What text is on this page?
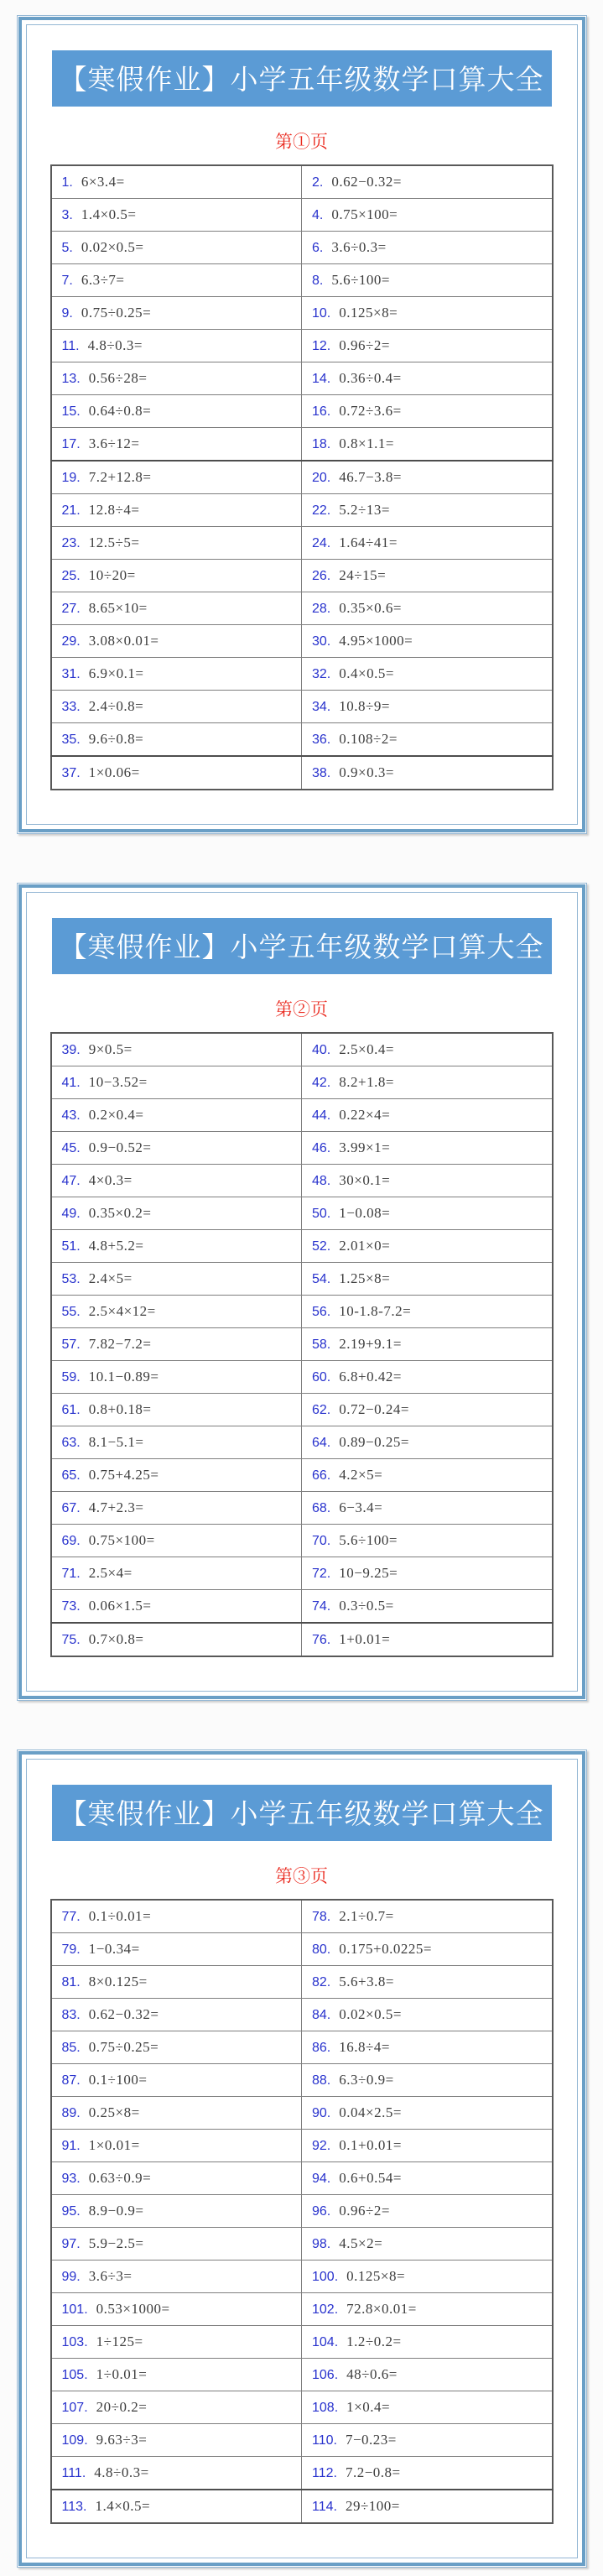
【寒假作业】小学五年级数学口算大全
第①页
1. 6×3.4=	2. 0.62−0.32=
3. 1.4×0.5=	4. 0.75×100=
5. 0.02×0.5=	6. 3.6÷0.3=
7. 6.3÷7=	8. 5.6÷100=
9. 0.75÷0.25=	10. 0.125×8=
11. 4.8÷0.3=	12. 0.96÷2=
13. 0.56÷28=	14. 0.36÷0.4=
15. 0.64÷0.8=	16. 0.72÷3.6=
17. 3.6÷12=	18. 0.8×1.1=
19. 7.2+12.8=	20. 46.7−3.8=
21. 12.8÷4=	22. 5.2÷13=
23. 12.5÷5=	24. 1.64÷41=
25. 10÷20=	26. 24÷15=
27. 8.65×10=	28. 0.35×0.6=
29. 3.08×0.01=	30. 4.95×1000=
31. 6.9×0.1=	32. 0.4×0.5=
33. 2.4÷0.8=	34. 10.8÷9=
35. 9.6÷0.8=	36. 0.108÷2=
37. 1×0.06=	38. 0.9×0.3=
【寒假作业】小学五年级数学口算大全
第②页
39. 9×0.5=	40. 2.5×0.4=
41. 10−3.52=	42. 8.2+1.8=
43. 0.2×0.4=	44. 0.22×4=
45. 0.9−0.52=	46. 3.99×1=
47. 4×0.3=	48. 30×0.1=
49. 0.35×0.2=	50. 1−0.08=
51. 4.8+5.2=	52. 2.01×0=
53. 2.4×5=	54. 1.25×8=
55. 2.5×4×12=	56. 10-1.8-7.2=
57. 7.82−7.2=	58. 2.19+9.1=
59. 10.1−0.89=	60. 6.8+0.42=
61. 0.8+0.18=	62. 0.72−0.24=
63. 8.1−5.1=	64. 0.89−0.25=
65. 0.75+4.25=	66. 4.2×5=
67. 4.7+2.3=	68. 6−3.4=
69. 0.75×100=	70. 5.6÷100=
71. 2.5×4=	72. 10−9.25=
73. 0.06×1.5=	74. 0.3÷0.5=
75. 0.7×0.8=	76. 1+0.01=
【寒假作业】小学五年级数学口算大全
第③页
77. 0.1÷0.01=	78. 2.1÷0.7=
79. 1−0.34=	80. 0.175+0.0225=
81. 8×0.125=	82. 5.6+3.8=
83. 0.62−0.32=	84. 0.02×0.5=
85. 0.75÷0.25=	86. 16.8÷4=
87. 0.1÷100=	88. 6.3÷0.9=
89. 0.25×8=	90. 0.04×2.5=
91. 1×0.01=	92. 0.1+0.01=
93. 0.63÷0.9=	94. 0.6+0.54=
95. 8.9−0.9=	96. 0.96÷2=
97. 5.9−2.5=	98. 4.5×2=
99. 3.6÷3=	100. 0.125×8=
101. 0.53×1000=	102. 72.8×0.01=
103. 1÷125=	104. 1.2÷0.2=
105. 1÷0.01=	106. 48÷0.6=
107. 20÷0.2=	108. 1×0.4=
109. 9.63÷3=	110. 7−0.23=
111. 4.8÷0.3=	112. 7.2−0.8=
113. 1.4×0.5=	114. 29÷100=
